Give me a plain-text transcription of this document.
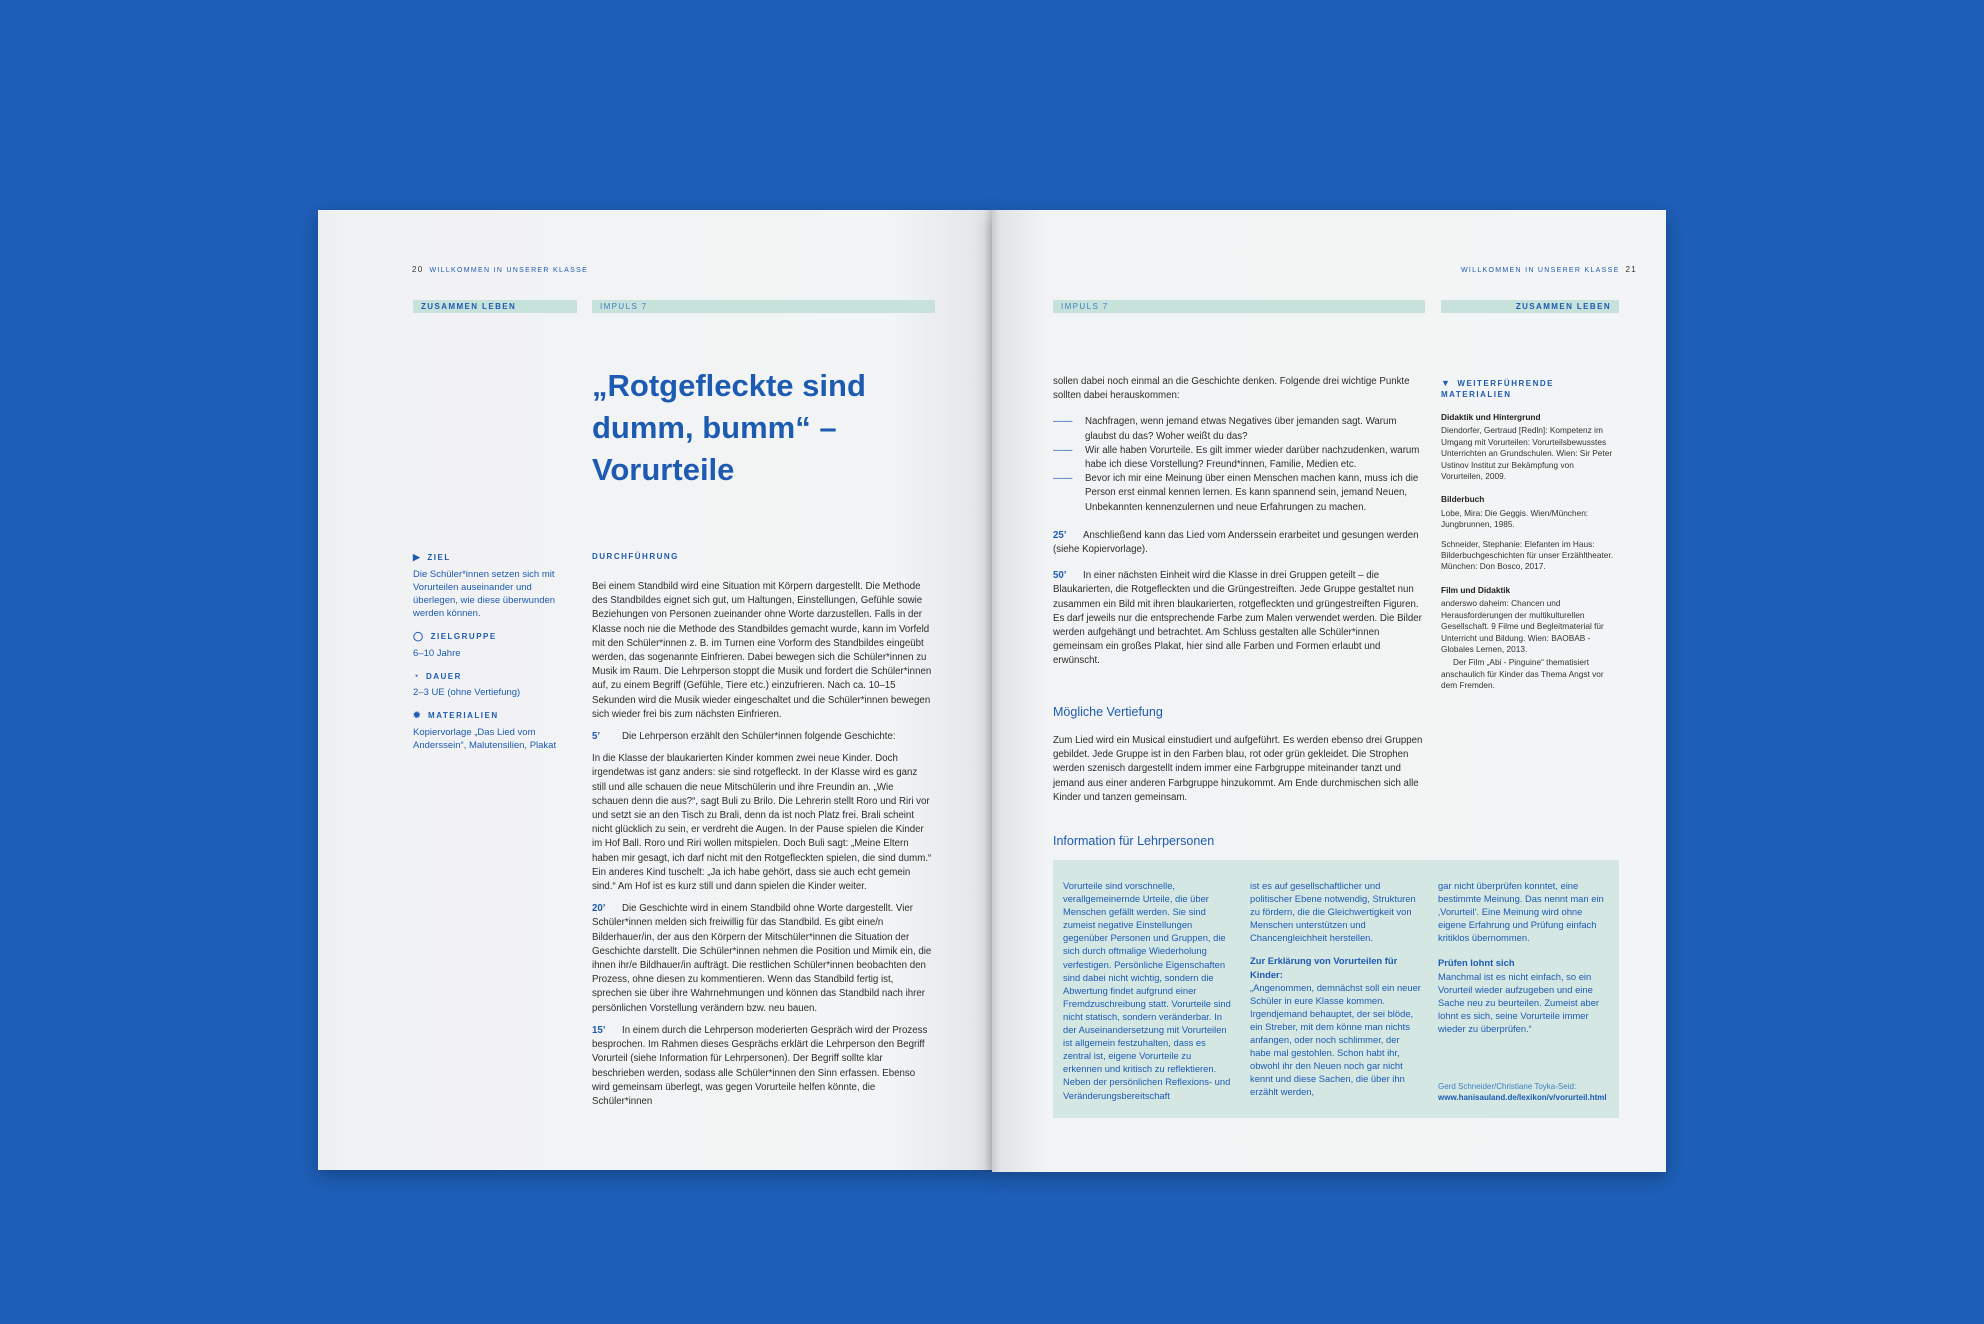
20 WILLKOMMEN IN UNSERER KLASSE
ZUSAMMEN LEBEN	IMPULS 7
„Rotgefleckte sind dumm, bumm“ – Vorurteile
▶ ZIEL
Die Schüler*innen setzen sich mit Vorurteilen auseinander und überlegen, wie diese überwunden werden können.
◯ ZIELGRUPPE
6–10 Jahre
◔ DAUER
2–3 UE (ohne Vertiefung)
✹ MATERIALIEN
Kopiervorlage „Das Lied vom Anderssein“, Malutensilien, Plakat
DURCHFÜHRUNG

Bei einem Standbild wird eine Situation mit Körpern dargestellt. Die Methode des Standbildes eignet sich gut, um Haltungen, Einstellungen, Gefühle sowie Beziehungen von Personen zueinander ohne Worte darzustellen. Falls in der Klasse noch nie die Methode des Standbildes gemacht wurde, kann im Vorfeld mit den Schüler*innen z. B. im Turnen eine Vorform des Standbildes eingeübt werden, das sogenannte Einfrieren. Dabei bewegen sich die Schüler*innen zu Musik im Raum. Die Lehrperson stoppt die Musik und fordert die Schüler*innen auf, zu einem Begriff (Gefühle, Tiere etc.) einzufrieren. Nach ca. 10–15 Sekunden wird die Musik wieder eingeschaltet und die Schüler*innen bewegen sich wieder frei bis zum nächsten Einfrieren.

5’ Die Lehrperson erzählt den Schüler*innen folgende Geschichte:

In die Klasse der blaukarierten Kinder kommen zwei neue Kinder. Doch irgendetwas ist ganz anders: sie sind rotgefleckt. In der Klasse wird es ganz still und alle schauen die neue Mitschülerin und ihre Freundin an. „Wie schauen denn die aus?“, sagt Buli zu Brilo. Die Lehrerin stellt Roro und Riri vor und setzt sie an den Tisch zu Brali, denn da ist noch Platz frei. Brali scheint nicht glücklich zu sein, er verdreht die Augen. In der Pause spielen die Kinder im Hof Ball. Roro und Riri wollen mitspielen. Doch Buli sagt: „Meine Eltern haben mir gesagt, ich darf nicht mit den Rotgefleckten spielen, die sind dumm.“ Ein anderes Kind tuschelt: „Ja ich habe gehört, dass sie auch echt gemein sind.“ Am Hof ist es kurz still und dann spielen die Kinder weiter.

20’ Die Geschichte wird in einem Standbild ohne Worte dargestellt. Vier Schüler*innen melden sich freiwillig für das Standbild. Es gibt eine/n Bilderhauer/in, der aus den Körpern der Mitschüler*innen die Situation der Geschichte darstellt. Die Schüler*innen nehmen die Position und Mimik ein, die ihnen ihr/e Bildhauer/in aufträgt. Die restlichen Schüler*innen beobachten den Prozess, ohne diesen zu kommentieren. Wenn das Standbild fertig ist, sprechen sie über ihre Wahrnehmungen und können das Standbild nach ihrer persönlichen Vorstellung verändern bzw. neu bauen.

15’ In einem durch die Lehrperson moderierten Gespräch wird der Prozess besprochen. Im Rahmen dieses Gesprächs erklärt die Lehrperson den Begriff Vorurteil (siehe Information für Lehrpersonen). Der Begriff sollte klar beschrieben werden, sodass alle Schüler*innen den Sinn erfassen. Ebenso wird gemeinsam überlegt, was gegen Vorurteile helfen könnte, die Schüler*innen

WILLKOMMEN IN UNSERER KLASSE 21
IMPULS 7	ZUSAMMEN LEBEN

sollen dabei noch einmal an die Geschichte denken. Folgende drei wichtige Punkte sollten dabei herauskommen:

—— Nachfragen, wenn jemand etwas Negatives über jemanden sagt. Warum glaubst du das? Woher weißt du das?
—— Wir alle haben Vorurteile. Es gilt immer wieder darüber nachzudenken, warum habe ich diese Vorstellung? Freund*innen, Familie, Medien etc.
—— Bevor ich mir eine Meinung über einen Menschen machen kann, muss ich die Person erst einmal kennen lernen. Es kann spannend sein, jemand Neuen, Unbekannten kennenzulernen und neue Erfahrungen zu machen.

25’ Anschließend kann das Lied vom Anderssein erarbeitet und gesungen werden (siehe Kopiervorlage).

50’ In einer nächsten Einheit wird die Klasse in drei Gruppen geteilt – die Blaukarierten, die Rotgefleckten und die Grüngestreiften. Jede Gruppe gestaltet nun zusammen ein Bild mit ihren blaukarierten, rotgefleckten und grüngestreiften Figuren. Es darf jeweils nur die entsprechende Farbe zum Malen verwendet werden. Die Bilder werden aufgehängt und betrachtet. Am Schluss gestalten alle Schüler*innen gemeinsam ein großes Plakat, hier sind alle Farben und Formen erlaubt und erwünscht.

Mögliche Vertiefung
Zum Lied wird ein Musical einstudiert und aufgeführt. Es werden ebenso drei Gruppen gebildet. Jede Gruppe ist in den Farben blau, rot oder grün gekleidet. Die Strophen werden szenisch dargestellt indem immer eine Farbgruppe miteinander tanzt und jemand aus einer anderen Farbgruppe hinzukommt. Am Ende durchmischen sich alle Kinder und tanzen gemeinsam.
Information für Lehrpersonen
Vorurteile sind vorschnelle, verallgemeinernde Urteile, die über Menschen gefällt werden. Sie sind zumeist negative Einstellungen gegenüber Personen und Gruppen, die sich durch oftmalige Wiederholung verfestigen. Persönliche Eigenschaften sind dabei nicht wichtig, sondern die Abwertung findet aufgrund einer Fremdzuschreibung statt. Vorurteile sind nicht statisch, sondern veränderbar. In der Auseinandersetzung mit Vorurteilen ist allgemein festzuhalten, dass es zentral ist, eigene Vorurteile zu erkennen und kritisch zu reflektieren. Neben der persönlichen Reflexions- und Veränderungsbereitschaft
ist es auf gesellschaftlicher und politischer Ebene notwendig, Strukturen zu fördern, die die Gleichwertigkeit von Menschen unterstützen und Chancengleichheit herstellen.
Zur Erklärung von Vorurteilen für Kinder:
„Angenommen, demnächst soll ein neuer Schüler in eure Klasse kommen. Irgendjemand behauptet, der sei blöde, ein Streber, mit dem könne man nichts anfangen, oder noch schlimmer, der habe mal gestohlen. Schon habt ihr, obwohl ihr den Neuen noch gar nicht kennt und diese Sachen, die über ihn erzählt werden,
gar nicht überprüfen konntet, eine bestimmte Meinung. Das nennt man ein ‚Vorurteil‘. Eine Meinung wird ohne eigene Erfahrung und Prüfung einfach kritiklos übernommen.
Prüfen lohnt sich
Manchmal ist es nicht einfach, so ein Vorurteil wieder aufzugeben und eine Sache neu zu beurteilen. Zumeist aber lohnt es sich, seine Vorurteile immer wieder zu überprüfen.“
Gerd Schneider/Christiane Toyka-Seid:
www.hanisauland.de/lexikon/v/vorurteil.html
▼ WEITERFÜHRENDE MATERIALIEN
Didaktik und Hintergrund
Diendorfer, Gertraud [Redln]: Kompetenz im Umgang mit Vorurteilen: Vorurteilsbewusstes Unterrichten an Grundschulen. Wien: Sir Peter Ustinov Institut zur Bekämpfung von Vorurteilen, 2009.
Bilderbuch
Lobe, Mira: Die Geggis. Wien/München: Jungbrunnen, 1985.
Schneider, Stephanie: Elefanten im Haus: Bilderbuchgeschichten für unser Erzähltheater. München: Don Bosco, 2017.
Film und Didaktik
anderswo daheim: Chancen und Herausforderungen der multikulturellen Gesellschaft. 9 Filme und Begleitmaterial für Unterricht und Bildung. Wien: BAOBAB - Globales Lernen, 2013.
Der Film „Abi - Pinguine“ thematisiert anschaulich für Kinder das Thema Angst vor dem Fremden.
